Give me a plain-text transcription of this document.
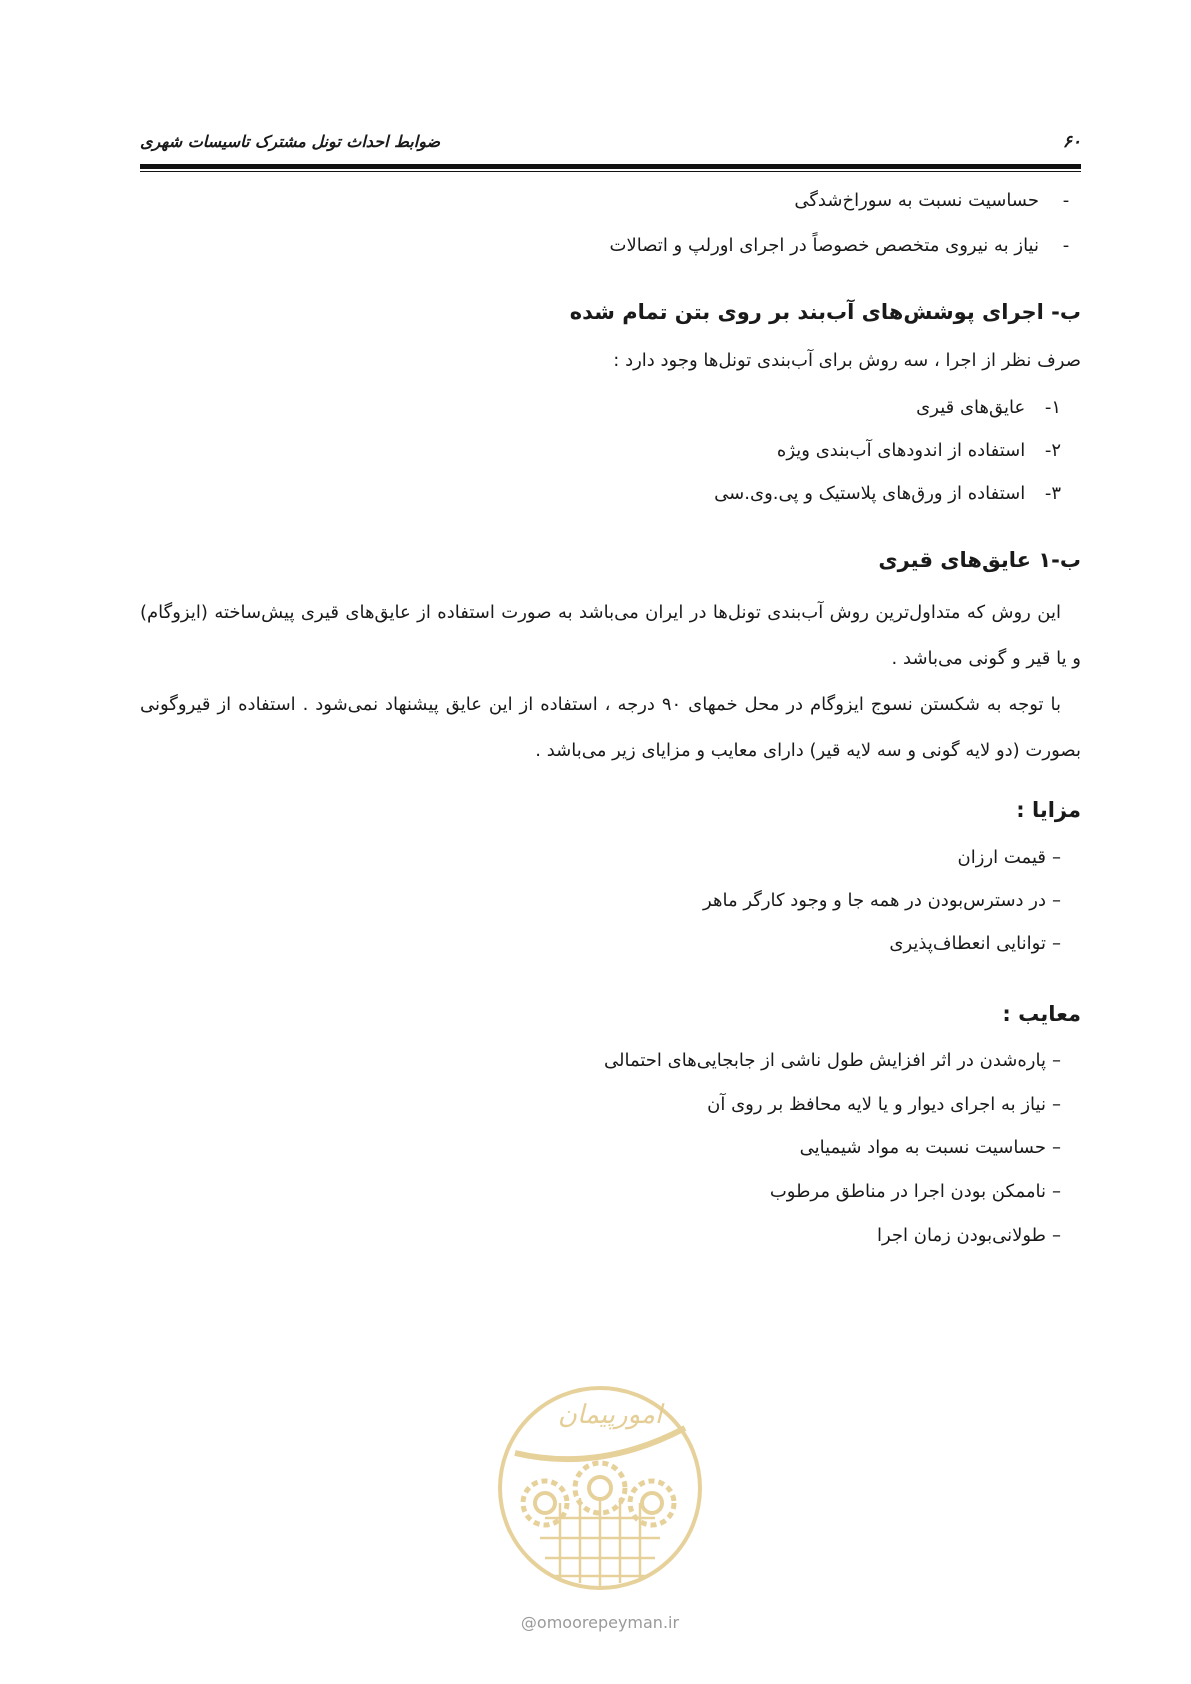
۶۰
ضوابط احداث تونل مشترک تاسیسات شهری
-حساسیت نسبت به سوراخ‌شدگی
-نیاز به نیروی متخصص خصوصاً در اجرای اورلپ و اتصالات
ب- اجرای پوشش‌های آب‌بند بر روی بتن تمام شده
صرف نظر از اجرا ، سه روش برای آب‌بندی تونل‌ها وجود دارد :
۱- عایق‌های قیری
۲- استفاده از اندودهای آب‌بندی ویژه
۳- استفاده از ورق‌های پلاستیک و پی.وی.سی
ب-۱ عایق‌های قیری
این روش که متداول‌ترین روش آب‌بندی تونل‌ها در ایران می‌باشد به صورت استفاده از عایق‌های قیری پیش‌ساخته (ایزوگام) و یا قیر و گونی می‌باشد .
با توجه به شکستن نسوج ایزوگام در محل خمهای ۹۰ درجه ، استفاده از این عایق پیشنهاد نمی‌شود . استفاده از قیروگونی بصورت (دو لایه گونی و سه لایه قیر) دارای معایب و مزایای زیر می‌باشد .
مزایا :
–قیمت ارزان
–در دسترس‌بودن در همه جا و وجود کارگر ماهر
–توانایی انعطاف‌پذیری
معایب :
–پاره‌شدن در اثر افزایش طول ناشی از جابجایی‌های احتمالی
–نیاز به اجرای دیوار و یا لایه محافظ بر روی آن
–حساسیت نسبت به مواد شیمیایی
–ناممکن بودن اجرا در مناطق مرطوب
–طولانی‌بودن زمان اجرا
امورپیمان
@omoorepeyman.ir
